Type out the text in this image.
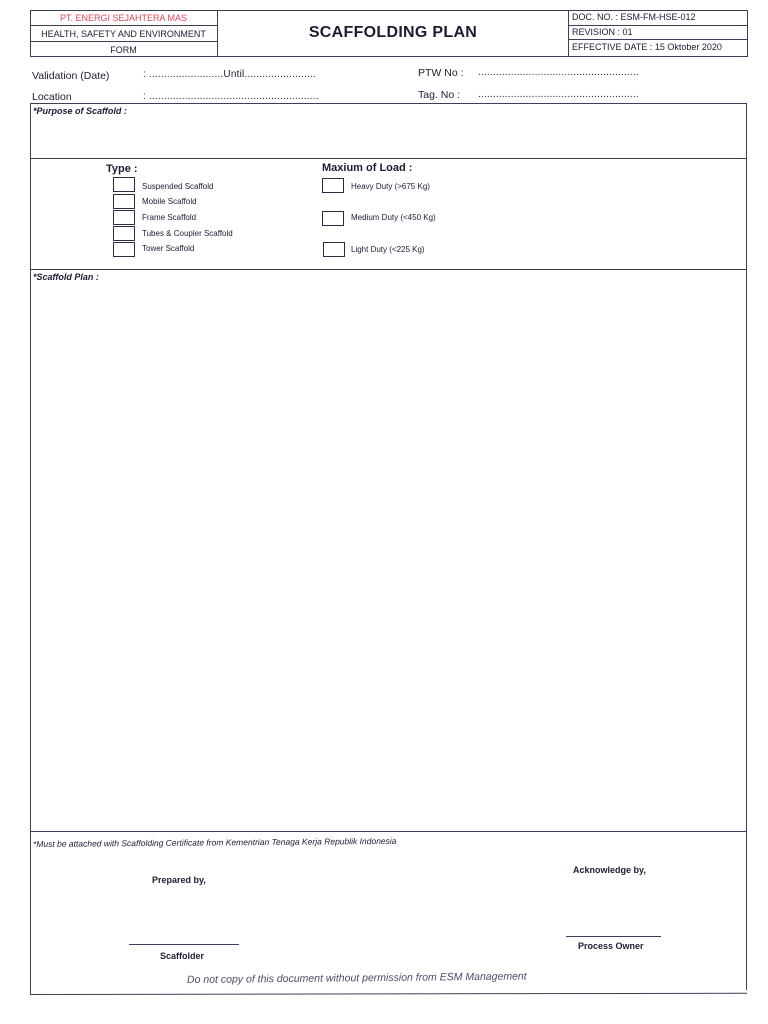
PT. ENERGI SEJAHTERA MAS
HEALTH, SAFETY AND ENVIRONMENT
FORM
SCAFFOLDING PLAN
DOC. NO. : ESM-FM-HSE-012
REVISION : 01
EFFECTIVE DATE : 15 Oktober 2020
Validation (Date)	: .........................Until........................	PTW No : ......................................................
Location	: .........................................................	Tag. No : ......................................................
*Purpose of Scaffold :
Type :
Suspended Scaffold
Mobile Scaffold
Frame Scaffold
Tubes & Coupler Scaffold
Tower Scaffold
Maxium of Load :
Heavy Duty (>675 Kg)
Medium Duty (<450 Kg)
Light Duty (<225 Kg)
*Scaffold Plan :
*Must be attached with Scaffolding Certificate from Kementrian Tenaga Kerja Republik Indonesia
Prepared by,
Acknowledge by,
Scaffolder
Process Owner
Do not copy of this document without permission from ESM Management
